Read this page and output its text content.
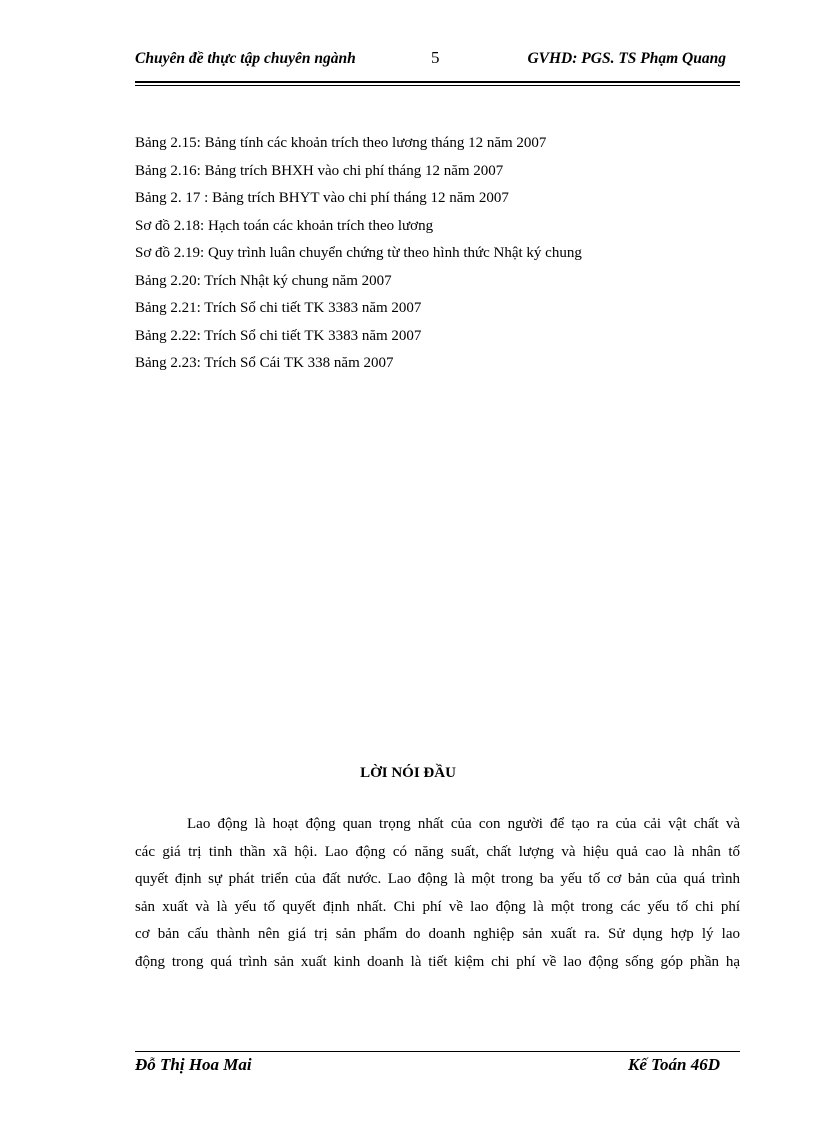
Chuyên đề thực tập chuyên ngành	5	GVHD: PGS. TS Phạm Quang
Bảng 2.15: Bảng tính các khoản trích theo lương tháng 12 năm 2007
Bảng 2.16: Bảng trích BHXH vào chi phí tháng 12 năm 2007
Bảng 2. 17 : Bảng trích BHYT vào chi phí tháng 12 năm 2007
Sơ đồ 2.18: Hạch toán các khoản trích theo lương
Sơ đồ 2.19: Quy trình luân chuyển chứng từ theo hình thức Nhật ký chung
Bảng 2.20: Trích Nhật ký chung năm 2007
Bảng 2.21: Trích Sổ chi tiết TK 3383 năm 2007
Bảng 2.22: Trích Sổ chi tiết TK 3383 năm 2007
Bảng 2.23: Trích Sổ Cái TK 338 năm 2007
LỜI NÓI ĐẦU
Lao động là hoạt động quan trọng nhất của con người để tạo ra của cải vật chất và
các giá trị tinh thần xã hội. Lao động có năng suất, chất lượng và hiệu quả cao là nhân tố
quyết định sự phát triển của đất nước. Lao động là một trong ba yếu tố cơ bản của quá trình
sản xuất và là yếu tố quyết định nhất. Chi phí về lao động là một trong các yếu tố chi phí
cơ bản cấu thành nên giá trị sản phẩm do doanh nghiệp sản xuất ra. Sử dụng hợp lý lao
động trong quá trình sản xuất kinh doanh là tiết kiệm chi phí về lao động sống góp phần hạ
Đỗ Thị Hoa Mai	Kế Toán 46D
